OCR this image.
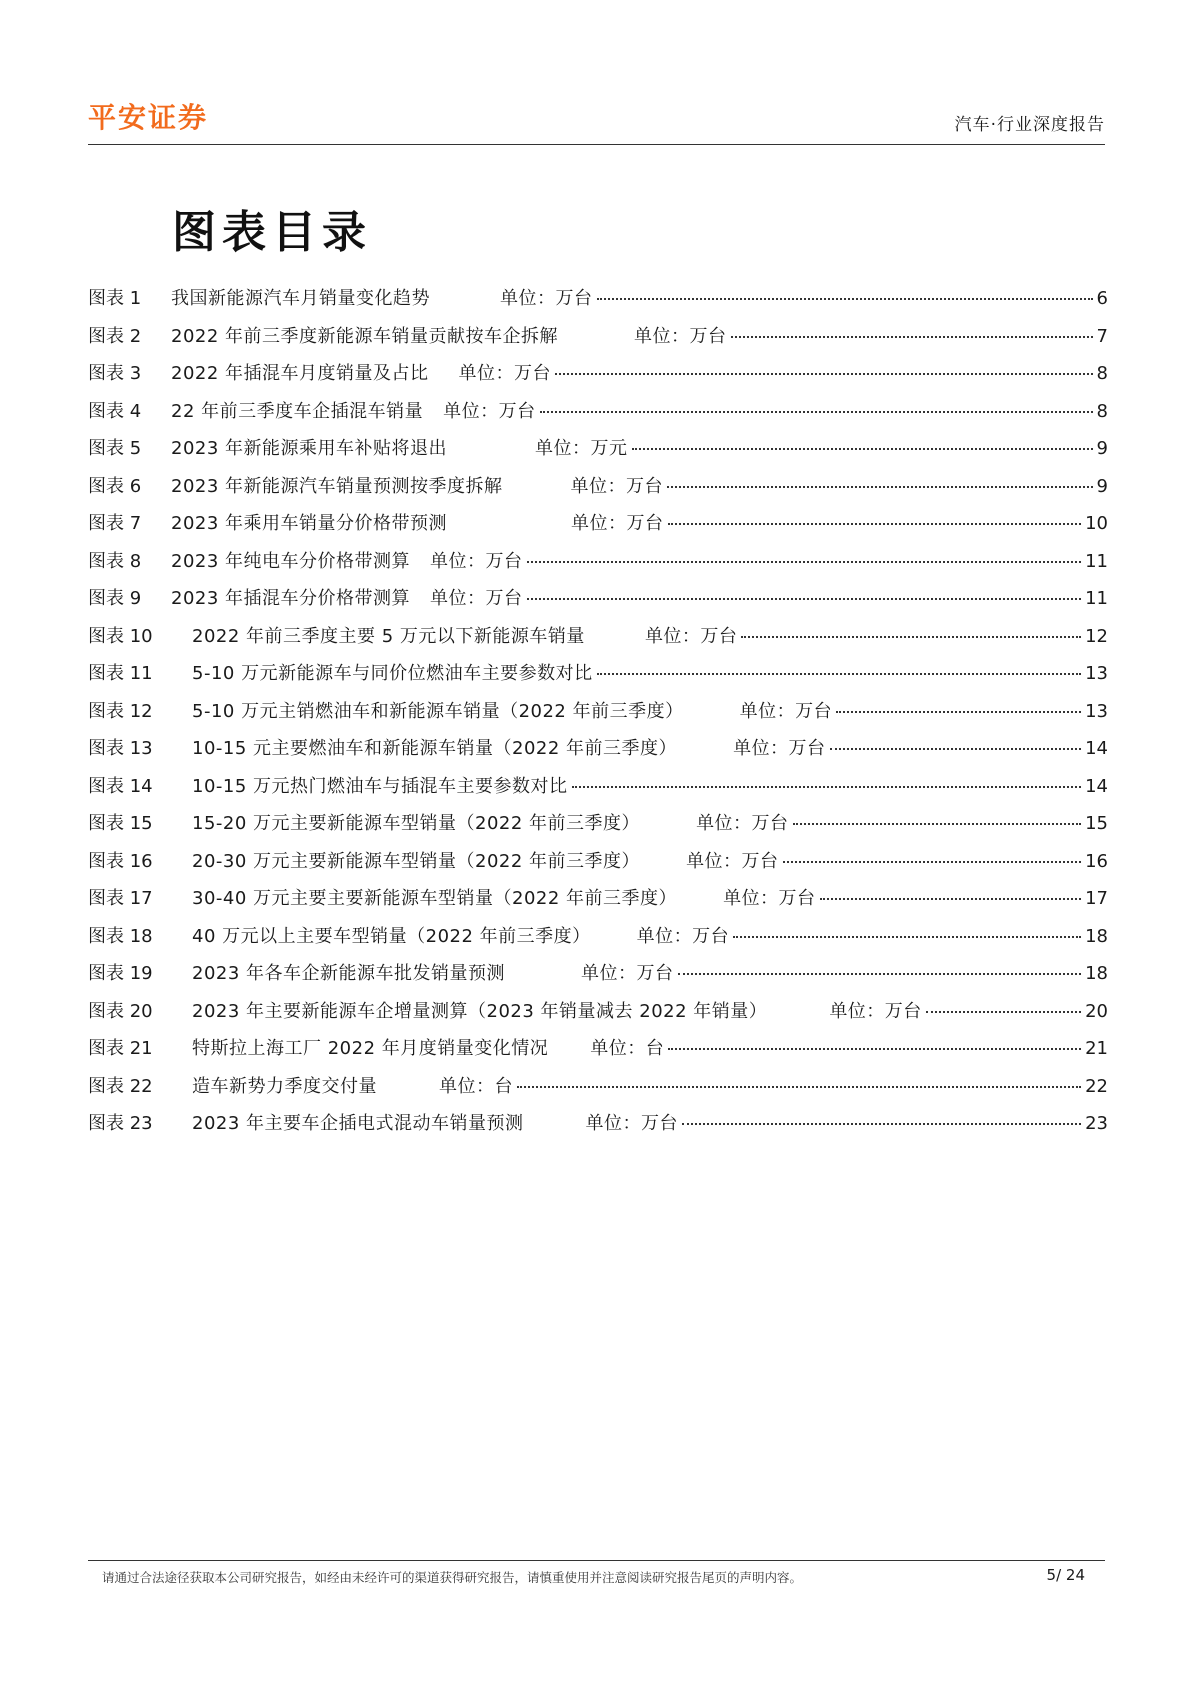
平安证券	汽车·行业深度报告
图表目录
图表 1	我国新能源汽车月销量变化趋势	单位：万台	6
图表 2	2022 年前三季度新能源车销量贡献按车企拆解	单位：万台	7
图表 3	2022 年插混车月度销量及占比 单位：万台	8
图表 4	22 年前三季度车企插混车销量 单位：万台	8
图表 5	2023 年新能源乘用车补贴将退出	单位：万元	9
图表 6	2023 年新能源汽车销量预测按季度拆解	单位：万台	9
图表 7	2023 年乘用车销量分价格带预测	单位：万台	10
图表 8	2023 年纯电车分价格带测算 单位：万台	11
图表 9	2023 年插混车分价格带测算 单位：万台	11
图表 10	2022 年前三季度主要 5 万元以下新能源车销量	单位：万台	12
图表 11	5-10 万元新能源车与同价位燃油车主要参数对比	13
图表 12	5-10 万元主销燃油车和新能源车销量（2022 年前三季度）	单位：万台	13
图表 13	10-15 元主要燃油车和新能源车销量（2022 年前三季度）	单位：万台	14
图表 14	10-15 万元热门燃油车与插混车主要参数对比	14
图表 15	15-20 万元主要新能源车型销量（2022 年前三季度）	单位：万台	15
图表 16	20-30 万元主要新能源车型销量（2022 年前三季度）	单位：万台	16
图表 17	30-40 万元主要主要新能源车型销量（2022 年前三季度）	单位：万台	17
图表 18	40 万元以上主要车型销量（2022 年前三季度）	单位：万台	18
图表 19	2023 年各车企新能源车批发销量预测	单位：万台	18
图表 20	2023 年主要新能源车企增量测算（2023 年销量减去 2022 年销量）	单位：万台	20
图表 21	特斯拉上海工厂 2022 年月度销量变化情况 单位：台	21
图表 22	造车新势力季度交付量	单位：台	22
图表 23	2023 年主要车企插电式混动车销量预测	单位：万台	23
请通过合法途径获取本公司研究报告，如经由未经许可的渠道获得研究报告，请慎重使用并注意阅读研究报告尾页的声明内容。	5/ 24
